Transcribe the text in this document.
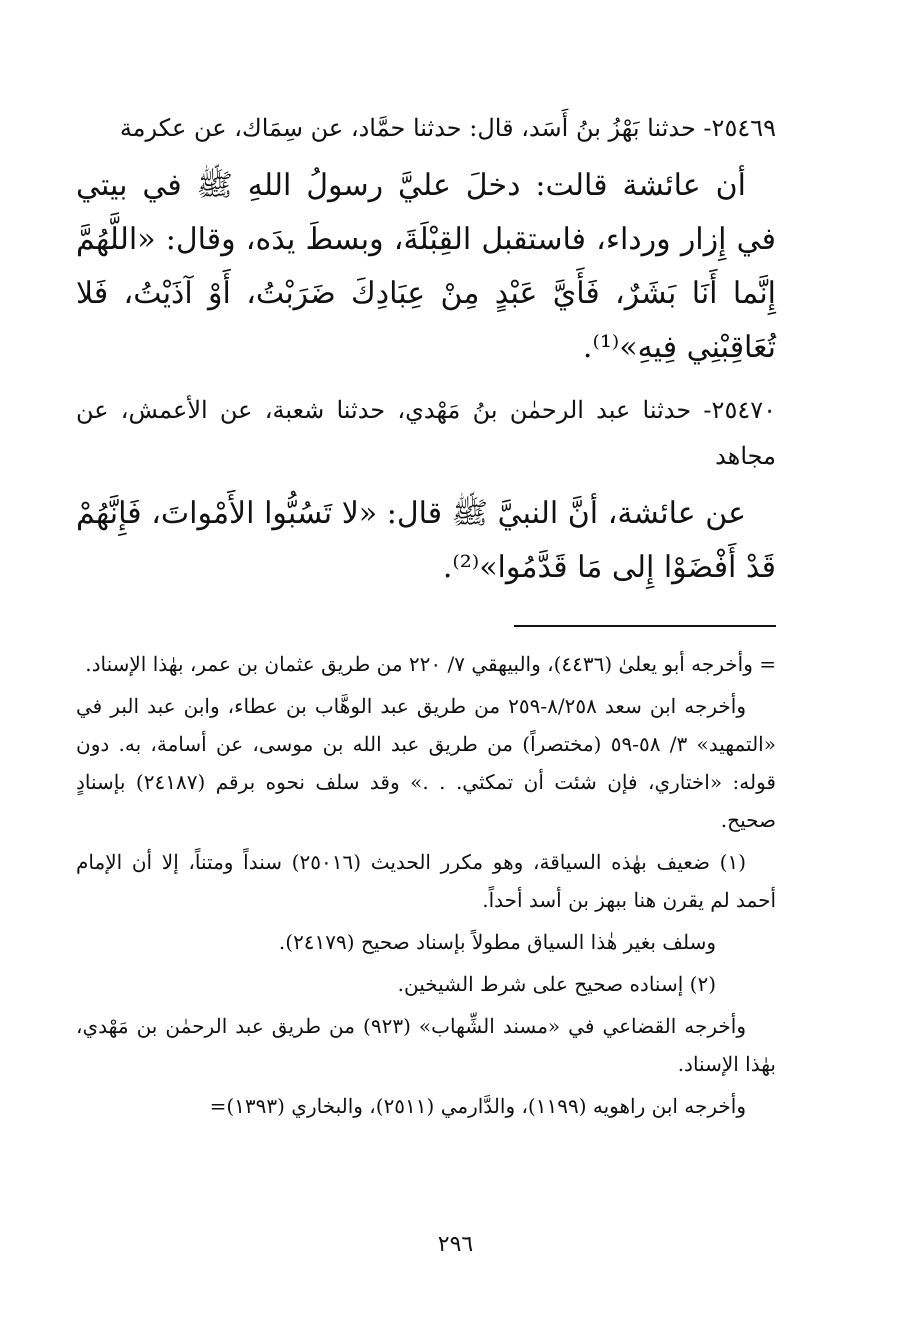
٢٥٤٦٩- حدثنا بَهْزُ بنُ أَسَد، قال: حدثنا حمَّاد، عن سِمَاك، عن عكرمة

أن عائشة قالت: دخلَ عليَّ رسولُ اللهِ ﷺ في بيتي في إِزار ورداء، فاستقبل القِبْلَةَ، وبسطَ يدَه، وقال: «اللَّهُمَّ إِنَّما أَنَا بَشَرٌ، فَأَيَّ عَبْدٍ مِنْ عِبَادِكَ ضَرَبْتُ، أَوْ آذَيْتُ، فَلا تُعَاقِبْنِي فِيهِ»⁽¹⁾.

٢٥٤٧٠- حدثنا عبد الرحمٰن بنُ مَهْدي، حدثنا شعبة، عن الأعمش، عن مجاهد

عن عائشة، أنَّ النبيَّ ﷺ قال: «لا تَسُبُّوا الأَمْواتَ، فَإِنَّهُمْ قَدْ أَفْضَوْا إِلى مَا قَدَّمُوا»⁽²⁾.

= وأخرجه أبو يعلىٰ (٤٤٣٦)، والبيهقي ٧/ ٢٢٠ من طريق عثمان بن عمر، بهٰذا الإسناد.

وأخرجه ابن سعد ٨/٢٥٨-٢٥٩ من طريق عبد الوهَّاب بن عطاء، وابن عبد البر في «التمهيد» ٣/ ٥٨-٥٩ (مختصراً) من طريق عبد الله بن موسى، عن أسامة، به. دون قوله: «اختاري، فإن شئت أن تمكثي. . .» وقد سلف نحوه برقم (٢٤١٨٧) بإسنادٍ صحيح.

(١) ضعيف بهٰذه السياقة، وهو مكرر الحديث (٢٥٠١٦) سنداً ومتناً، إلا أن الإمام أحمد لم يقرن هنا ببهز بن أسد أحداً.

وسلف بغير هٰذا السياق مطولاً بإسناد صحيح (٢٤١٧٩).

(٢) إسناده صحيح على شرط الشيخين.

وأخرجه القضاعي في «مسند الشِّهاب» (٩٢٣) من طريق عبد الرحمٰن بن مَهْدي، بهٰذا الإسناد.

وأخرجه ابن راهويه (١١٩٩)، والدَّارمي (٢٥١١)، والبخاري (١٣٩٣)=

٢٩٦
